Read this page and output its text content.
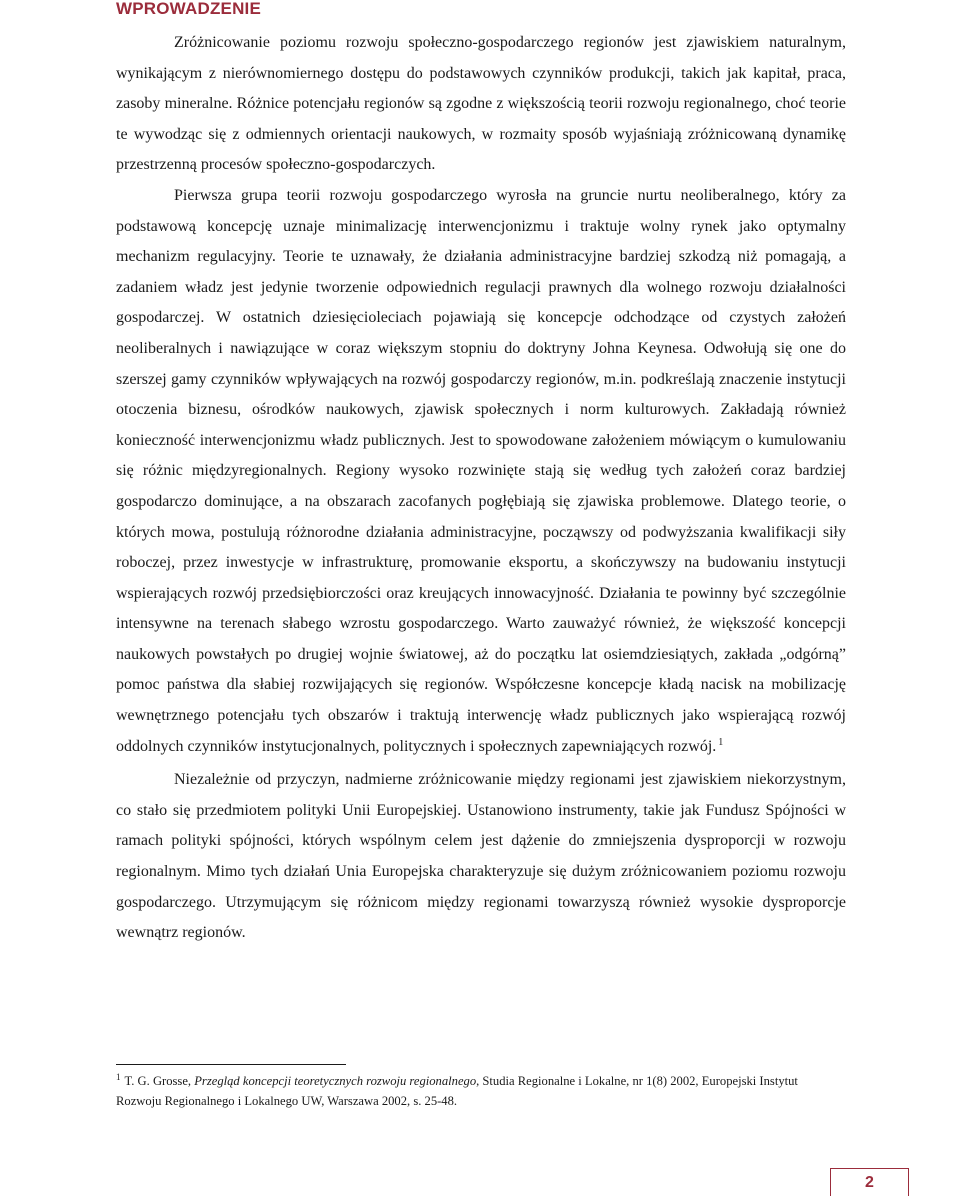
WPROWADZENIE

Zróżnicowanie poziomu rozwoju społeczno-gospodarczego regionów jest zjawiskiem naturalnym, wynikającym z nierównomiernego dostępu do podstawowych czynników produkcji, takich jak kapitał, praca, zasoby mineralne. Różnice potencjału regionów są zgodne z większością teorii rozwoju regionalnego, choć teorie te wywodząc się z odmiennych orientacji naukowych, w rozmaity sposób wyjaśniają zróżnicowaną dynamikę przestrzenną procesów społeczno-gospodarczych.

Pierwsza grupa teorii rozwoju gospodarczego wyrosła na gruncie nurtu neoliberalnego, który za podstawową koncepcję uznaje minimalizację interwencjonizmu i traktuje wolny rynek jako optymalny mechanizm regulacyjny. Teorie te uznawały, że działania administracyjne bardziej szkodzą niż pomagają, a zadaniem władz jest jedynie tworzenie odpowiednich regulacji prawnych dla wolnego rozwoju działalności gospodarczej. W ostatnich dziesięcioleciach pojawiają się koncepcje odchodzące od czystych założeń neoliberalnych i nawiązujące w coraz większym stopniu do doktryny Johna Keynesa. Odwołują się one do szerszej gamy czynników wpływających na rozwój gospodarczy regionów, m.in. podkreślają znaczenie instytucji otoczenia biznesu, ośrodków naukowych, zjawisk społecznych i norm kulturowych. Zakładają również konieczność interwencjonizmu władz publicznych. Jest to spowodowane założeniem mówiącym o kumulowaniu się różnic międzyregionalnych. Regiony wysoko rozwinięte stają się według tych założeń coraz bardziej gospodarczo dominujące, a na obszarach zacofanych pogłębiają się zjawiska problemowe. Dlatego teorie, o których mowa, postulują różnorodne działania administracyjne, począwszy od podwyższania kwalifikacji siły roboczej, przez inwestycje w infrastrukturę, promowanie eksportu, a skończywszy na budowaniu instytucji wspierających rozwój przedsiębiorczości oraz kreujących innowacyjność. Działania te powinny być szczególnie intensywne na terenach słabego wzrostu gospodarczego. Warto zauważyć również, że większość koncepcji naukowych powstałych po drugiej wojnie światowej, aż do początku lat osiemdziesiątych, zakłada „odgórną” pomoc państwa dla słabiej rozwijających się regionów. Współczesne koncepcje kładą nacisk na mobilizację wewnętrznego potencjału tych obszarów i traktują interwencję władz publicznych jako wspierającą rozwój oddolnych czynników instytucjonalnych, politycznych i społecznych zapewniających rozwój. $^1$

Niezależnie od przyczyn, nadmierne zróżnicowanie między regionami jest zjawiskiem niekorzystnym, co stało się przedmiotem polityki Unii Europejskiej. Ustanowiono instrumenty, takie jak Fundusz Spójności w ramach polityki spójności, których wspólnym celem jest dążenie do zmniejszenia dysproporcji w rozwoju regionalnym. Mimo tych działań Unia Europejska charakteryzuje się dużym zróżnicowaniem poziomu rozwoju gospodarczego. Utrzymującym się różnicom między regionami towarzyszą również wysokie dysproporcje wewnątrz regionów.

$^1$ T. G. Grosse, Przegląd koncepcji teoretycznych rozwoju regionalnego, Studia Regionalne i Lokalne, nr 1(8) 2002, Europejski Instytut Rozwoju Regionalnego i Lokalnego UW, Warszawa 2002, s. 25-48.

2
